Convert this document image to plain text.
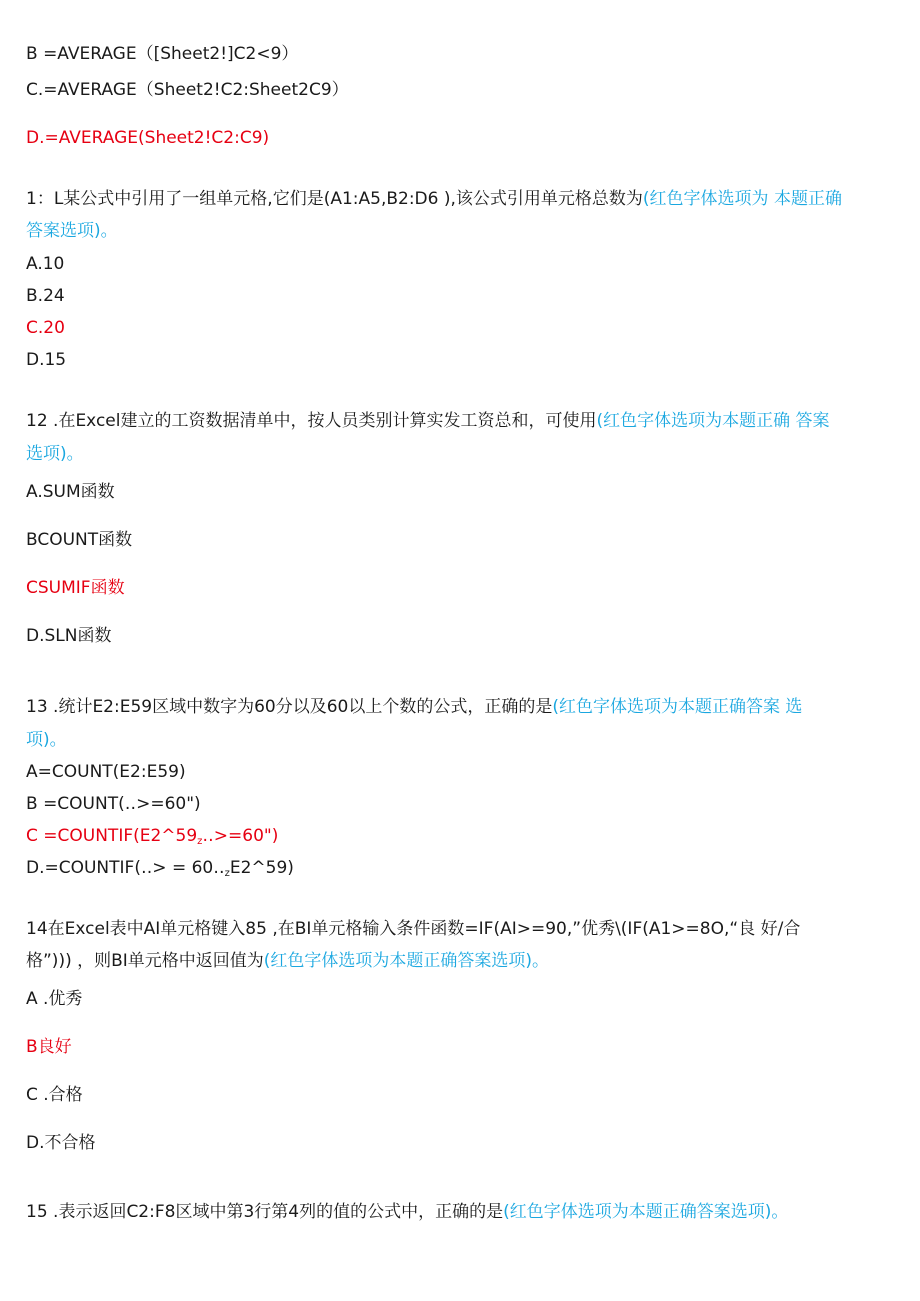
B =AVERAGE（[Sheet2!]C2<9）
C.=AVERAGE（Sheet2!C2:Sheet2C9）
D.=AVERAGE(Sheet2!C2:C9)
1：L某公式中引用了一组单元格,它们是(A1:A5,B2:D6 ),该公式引用单元格总数为(红色字体选项为 本题正确
答案选项)。
A.10
B.24
C.20
D.15
12 .在Excel建立的工资数据清单中，按人员类别计算实发工资总和，可使用(红色字体选项为本题正确 答案
选项)。
A.SUM函数
BCOUNT函数
CSUMIF函数
D.SLN函数
13 .统计E2:E59区域中数字为60分以及60以上个数的公式，正确的是(红色字体选项为本题正确答案 选
项)。
A=COUNT(E2:E59)
B =COUNT(‥>=60")
$C =COUNTIF(E2\^{}59_z‥>=60")$
D.=COUNTIF(‥> = $60‥_zE2\^{}59$)
14在Excel表中AI单元格键入85 ,在BI单元格输入条件函数=IF(AI>=90,”优秀\(IF(A1>=8O,“良 好/合
格”))) ，则BI单元格中返回值为(红色字体选项为本题正确答案选项)。
A .优秀
B良好
C .合格
D.不合格
15 .表示返回C2:F8区域中第3行第4列的值的公式中，正确的是(红色字体选项为本题正确答案选项)。
